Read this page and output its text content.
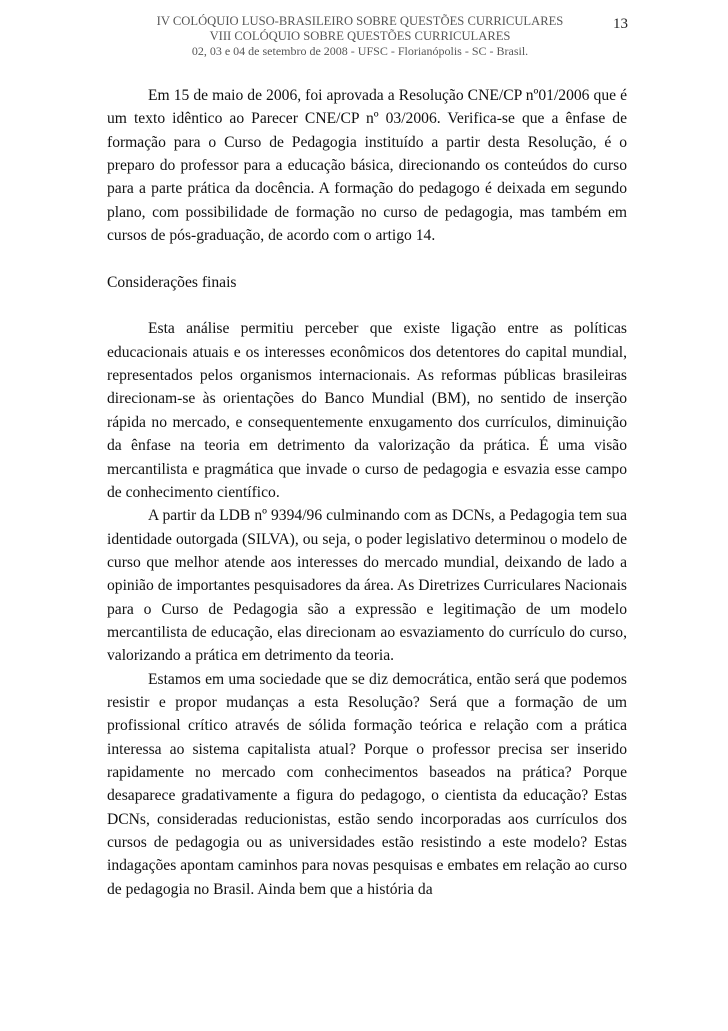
IV COLÓQUIO LUSO-BRASILEIRO SOBRE QUESTÕES CURRICULARES
VIII COLÓQUIO SOBRE QUESTÕES CURRICULARES
02, 03 e 04 de setembro de 2008 - UFSC - Florianópolis - SC - Brasil.
13

Em 15 de maio de 2006, foi aprovada a Resolução CNE/CP nº01/2006 que é um texto idêntico ao Parecer CNE/CP nº 03/2006. Verifica-se que a ênfase de formação para o Curso de Pedagogia instituído a partir desta Resolução, é o preparo do professor para a educação básica, direcionando os conteúdos do curso para a parte prática da docência. A formação do pedagogo é deixada em segundo plano, com possibilidade de formação no curso de pedagogia, mas também em cursos de pós-graduação, de acordo com o artigo 14.

Considerações finais

Esta análise permitiu perceber que existe ligação entre as políticas educacionais atuais e os interesses econômicos dos detentores do capital mundial, representados pelos organismos internacionais. As reformas públicas brasileiras direcionam-se às orientações do Banco Mundial (BM), no sentido de inserção rápida no mercado, e consequentemente enxugamento dos currículos, diminuição da ênfase na teoria em detrimento da valorização da prática. É uma visão mercantilista e pragmática que invade o curso de pedagogia e esvazia esse campo de conhecimento científico.

A partir da LDB nº 9394/96 culminando com as DCNs, a Pedagogia tem sua identidade outorgada (SILVA), ou seja, o poder legislativo determinou o modelo de curso que melhor atende aos interesses do mercado mundial, deixando de lado a opinião de importantes pesquisadores da área. As Diretrizes Curriculares Nacionais para o Curso de Pedagogia são a expressão e legitimação de um modelo mercantilista de educação, elas direcionam ao esvaziamento do currículo do curso, valorizando a prática em detrimento da teoria.

Estamos em uma sociedade que se diz democrática, então será que podemos resistir e propor mudanças a esta Resolução? Será que a formação de um profissional crítico através de sólida formação teórica e relação com a prática interessa ao sistema capitalista atual? Porque o professor precisa ser inserido rapidamente no mercado com conhecimentos baseados na prática? Porque desaparece gradativamente a figura do pedagogo, o cientista da educação? Estas DCNs, consideradas reducionistas, estão sendo incorporadas aos currículos dos cursos de pedagogia ou as universidades estão resistindo a este modelo? Estas indagações apontam caminhos para novas pesquisas e embates em relação ao curso de pedagogia no Brasil. Ainda bem que a história da
